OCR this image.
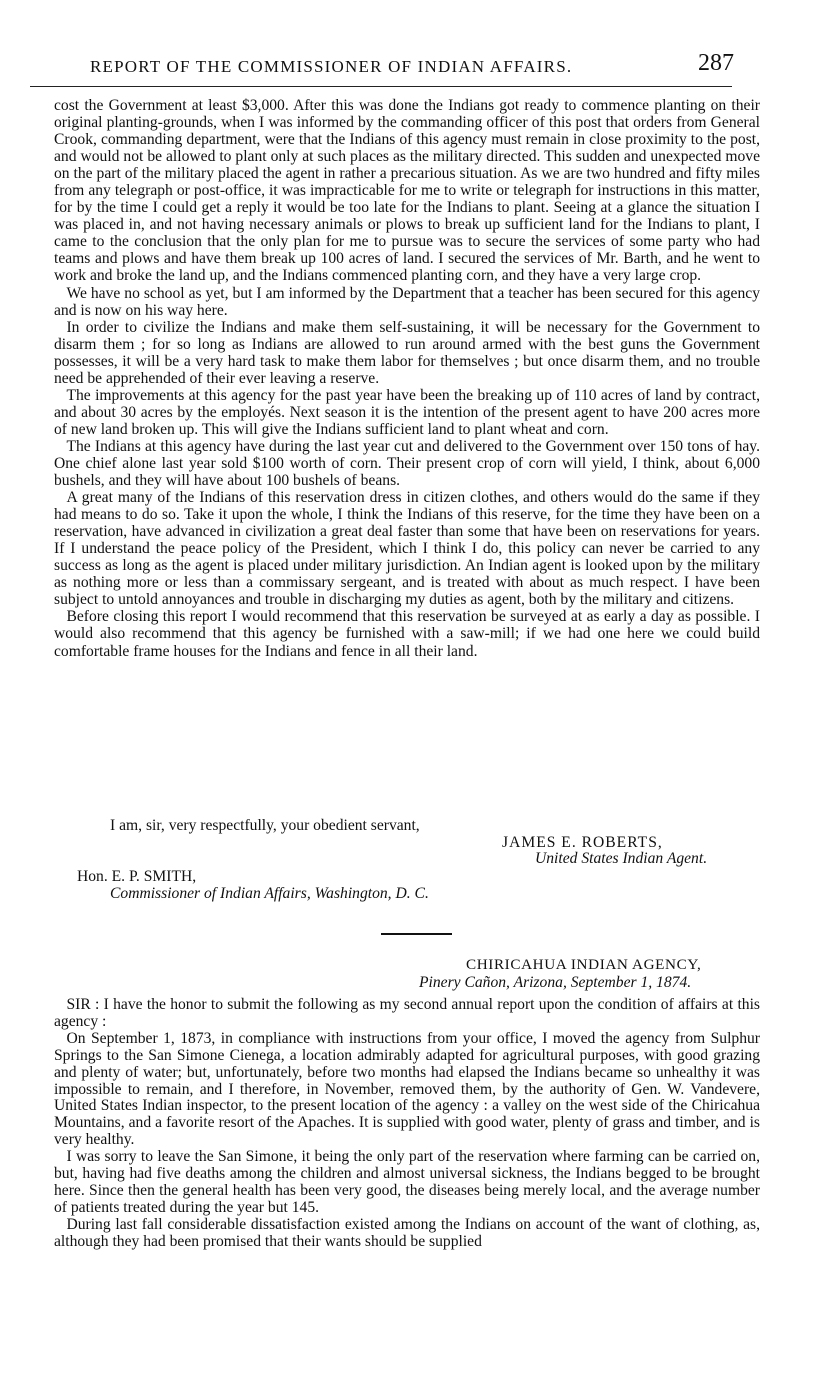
REPORT OF THE COMMISSIONER OF INDIAN AFFAIRS.	287

cost the Government at least $3,000. After this was done the Indians got ready to commence planting on their original planting-grounds, when I was informed by the commanding officer of this post that orders from General Crook, commanding department, were that the Indians of this agency must remain in close proximity to the post, and would not be allowed to plant only at such places as the military directed. This sudden and unexpected move on the part of the military placed the agent in rather a precarious situation. As we are two hundred and fifty miles from any telegraph or post-office, it was impracticable for me to write or telegraph for instructions in this matter, for by the time I could get a reply it would be too late for the Indians to plant. Seeing at a glance the situation I was placed in, and not having necessary animals or plows to break up sufficient land for the Indians to plant, I came to the conclusion that the only plan for me to pursue was to secure the services of some party who had teams and plows and have them break up 100 acres of land. I secured the services of Mr. Barth, and he went to work and broke the land up, and the Indians commenced planting corn, and they have a very large crop.

We have no school as yet, but I am informed by the Department that a teacher has been secured for this agency and is now on his way here.

In order to civilize the Indians and make them self-sustaining, it will be necessary for the Government to disarm them ; for so long as Indians are allowed to run around armed with the best guns the Government possesses, it will be a very hard task to make them labor for themselves ; but once disarm them, and no trouble need be apprehended of their ever leaving a reserve.

The improvements at this agency for the past year have been the breaking up of 110 acres of land by contract, and about 30 acres by the employés. Next season it is the intention of the present agent to have 200 acres more of new land broken up. This will give the Indians sufficient land to plant wheat and corn.

The Indians at this agency have during the last year cut and delivered to the Government over 150 tons of hay. One chief alone last year sold $100 worth of corn. Their present crop of corn will yield, I think, about 6,000 bushels, and they will have about 100 bushels of beans.

A great many of the Indians of this reservation dress in citizen clothes, and others would do the same if they had means to do so. Take it upon the whole, I think the Indians of this reserve, for the time they have been on a reservation, have advanced in civilization a great deal faster than some that have been on reservations for years. If I understand the peace policy of the President, which I think I do, this policy can never be carried to any success as long as the agent is placed under military jurisdiction. An Indian agent is looked upon by the military as nothing more or less than a commissary sergeant, and is treated with about as much respect. I have been subject to untold annoyances and trouble in discharging my duties as agent, both by the military and citizens.

Before closing this report I would recommend that this reservation be surveyed at as early a day as possible. I would also recommend that this agency be furnished with a saw-mill; if we had one here we could build comfortable frame houses for the Indians and fence in all their land.

I am, sir, very respectfully, your obedient servant,
JAMES E. ROBERTS,
United States Indian Agent.
Hon. E. P. SMITH,
Commissioner of Indian Affairs, Washington, D. C.
CHIRICAHUA INDIAN AGENCY,
Pinery Cañon, Arizona, September 1, 1874.

SIR : I have the honor to submit the following as my second annual report upon the condition of affairs at this agency :

On September 1, 1873, in compliance with instructions from your office, I moved the agency from Sulphur Springs to the San Simone Cienega, a location admirably adapted for agricultural purposes, with good grazing and plenty of water; but, unfortunately, before two months had elapsed the Indians became so unhealthy it was impossible to remain, and I therefore, in November, removed them, by the authority of Gen. W. Vandevere, United States Indian inspector, to the present location of the agency : a valley on the west side of the Chiricahua Mountains, and a favorite resort of the Apaches. It is supplied with good water, plenty of grass and timber, and is very healthy.

I was sorry to leave the San Simone, it being the only part of the reservation where farming can be carried on, but, having had five deaths among the children and almost universal sickness, the Indians begged to be brought here. Since then the general health has been very good, the diseases being merely local, and the average number of patients treated during the year but 145.

During last fall considerable dissatisfaction existed among the Indians on account of the want of clothing, as, although they had been promised that their wants should be supplied
